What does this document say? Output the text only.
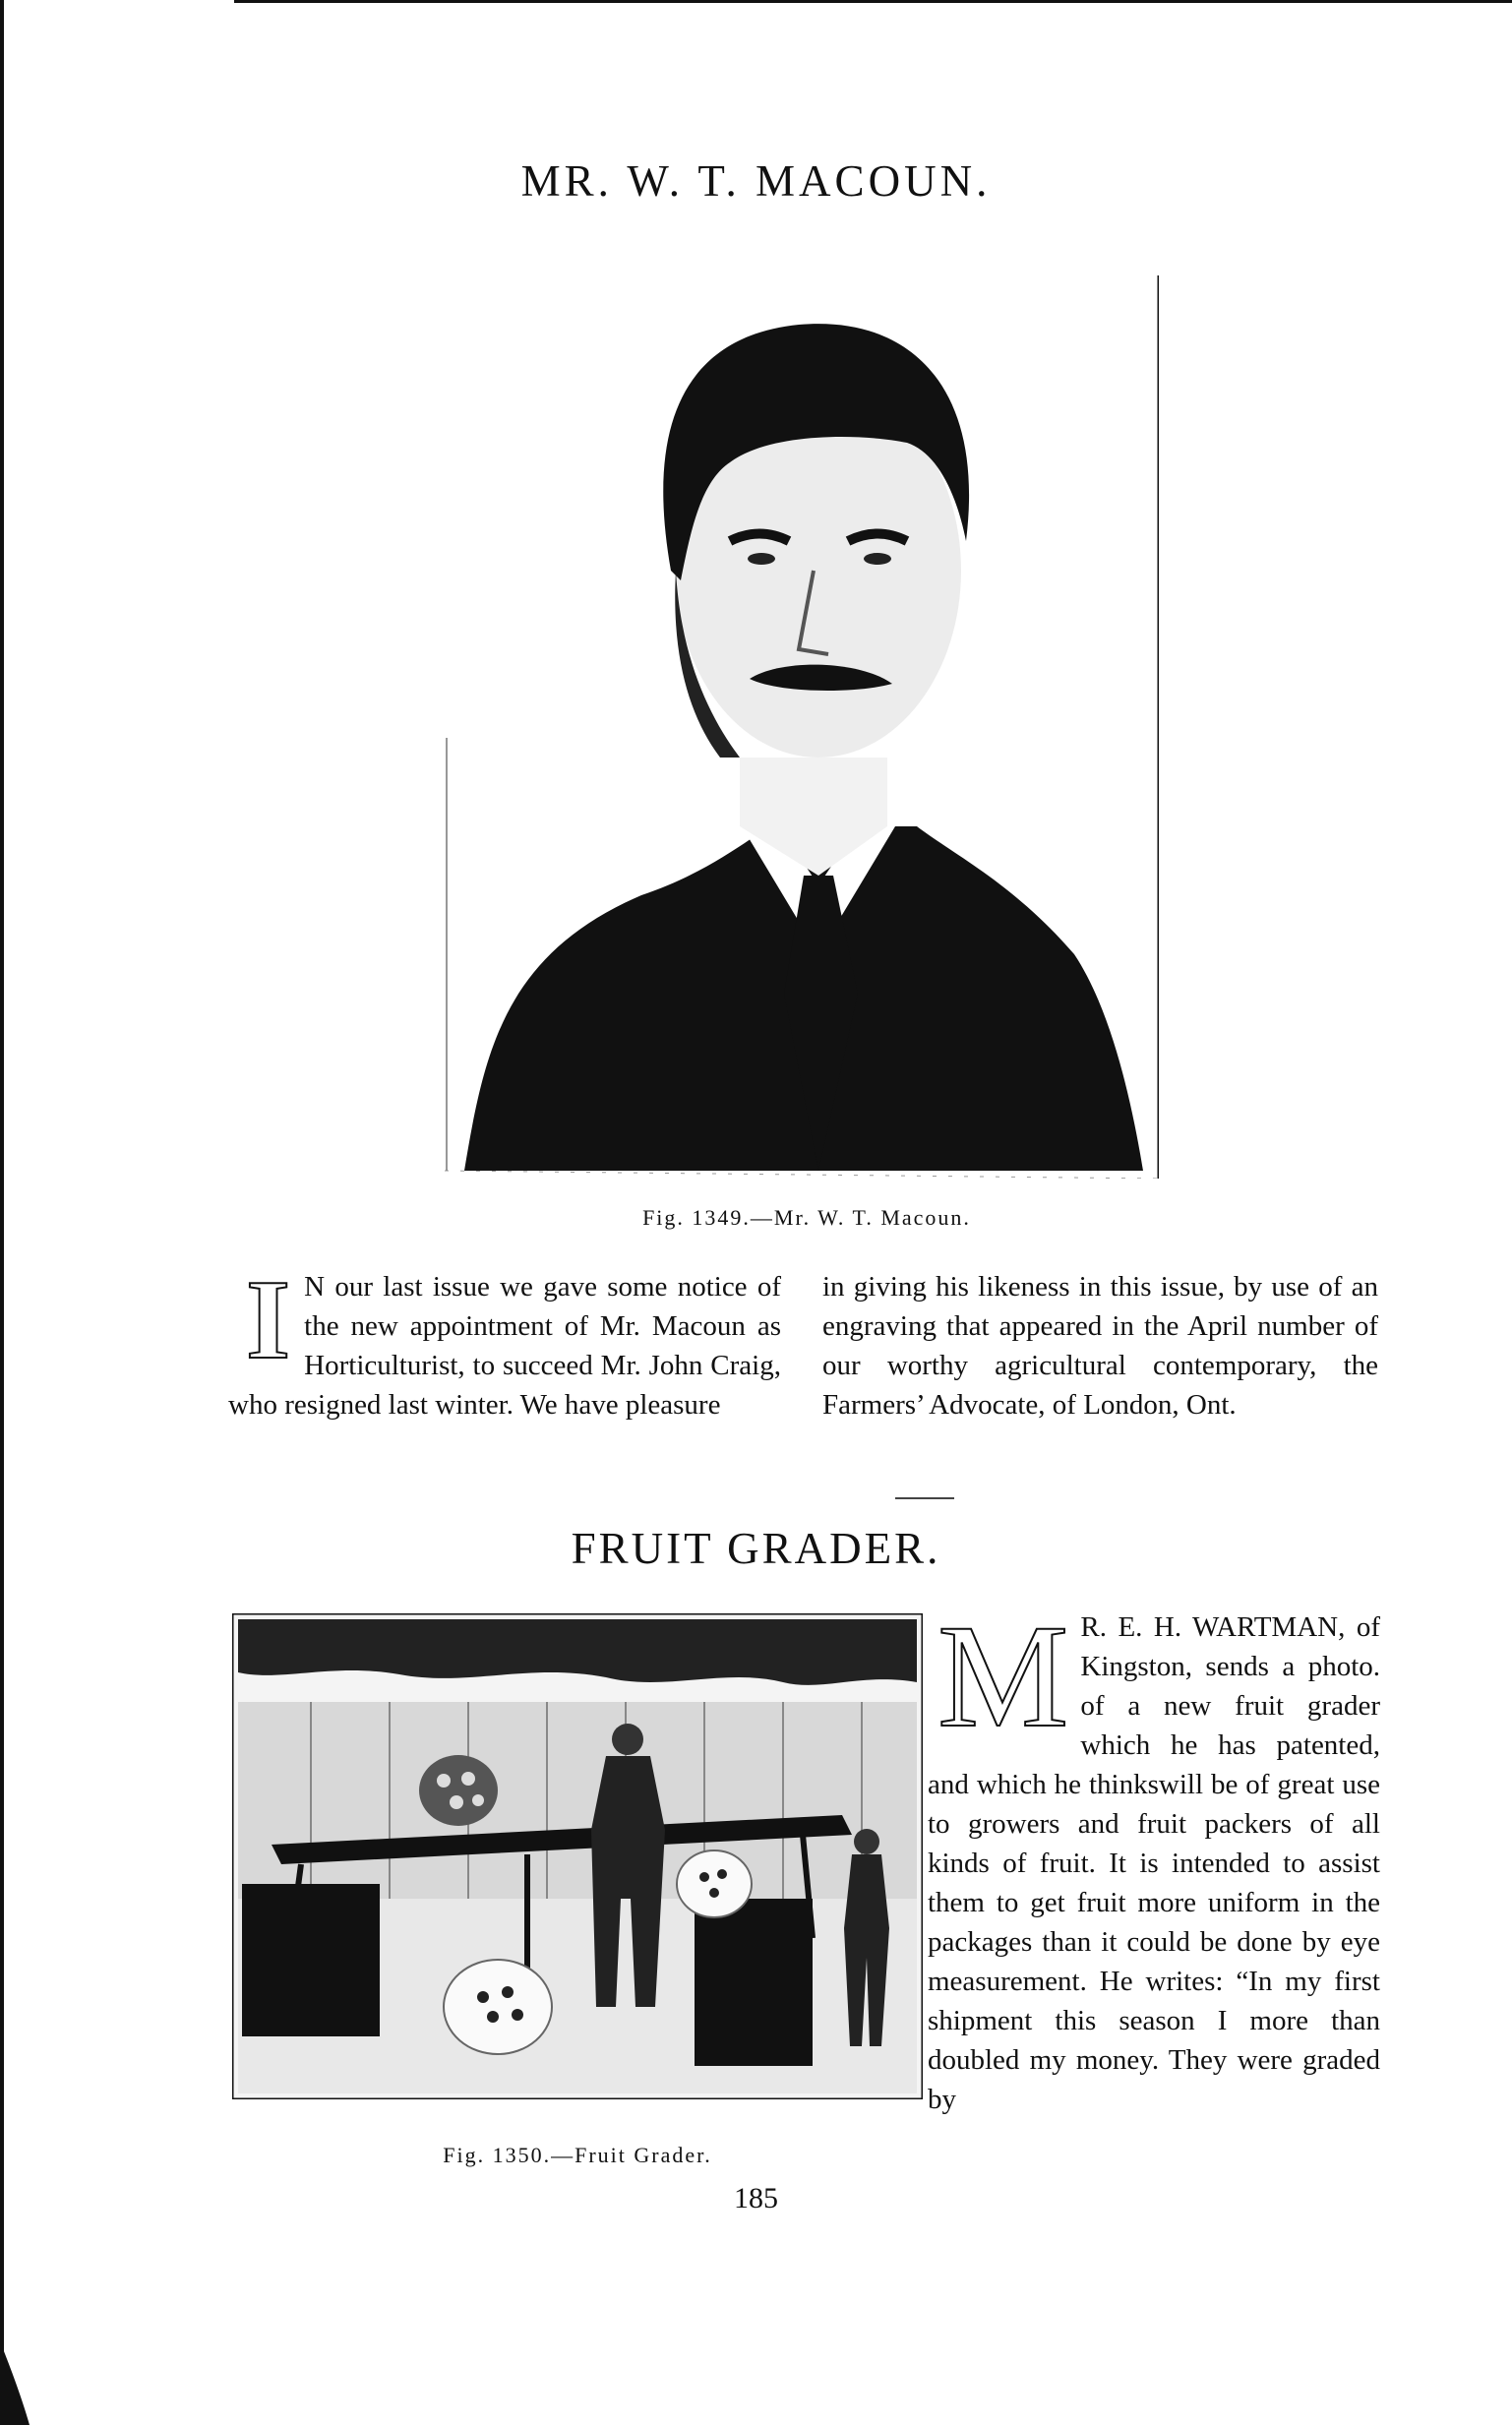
MR. W. T. MACOUN.
Fig. 1349.—Mr. W. T. Macoun.
I N our last issue we gave some notice of the new appointment of Mr. Macoun as Horticulturist, to succeed Mr. John Craig, who resigned last winter. We have pleasure
in giving his likeness in this issue, by use of an engraving that appeared in the April number of our worthy agricultural contemporary, the Farmers’ Advocate, of London, Ont.
FRUIT GRADER.
Fig. 1350.—Fruit Grader.
M R. E. H. WARTMAN, of Kingston, sends a photo. of a new fruit grader which he has patented, and which he thinkswill be of great use to growers and fruit packers of all kinds of fruit. It is intended to assist them to get fruit more uniform in the packages than it could be done by eye measurement. He writes: “In my first shipment this season I more than doubled my money. They were graded by
185
